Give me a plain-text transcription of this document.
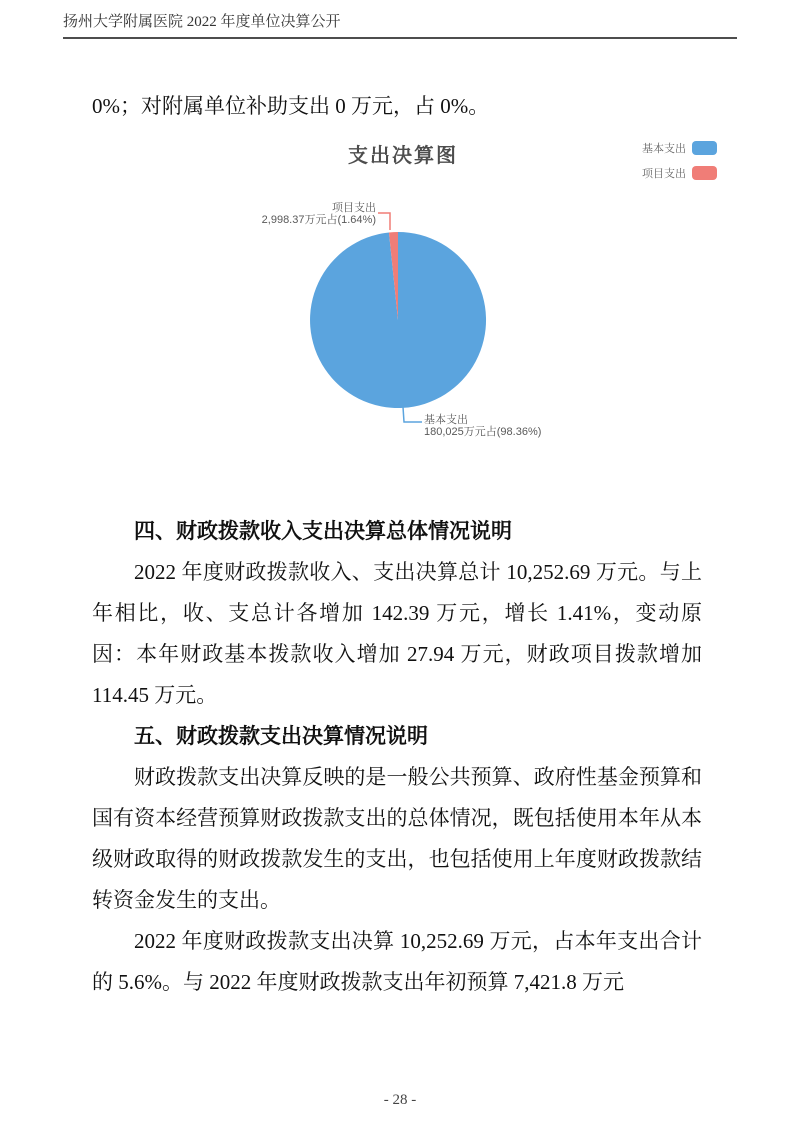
扬州大学附属医院 2022 年度单位决算公开
0%；对附属单位补助支出 0 万元，占 0%。
支出决算图	基本支出
项目支出
项目支出
2,998.37万元占(1.64%)
基本支出
180,025万元占(98.36%)
四、财政拨款收入支出决算总体情况说明

2022 年度财政拨款收入、支出决算总计 10,252.69 万元。与上年相比，收、支总计各增加 142.39 万元，增长 1.41%，变动原因：本年财政基本拨款收入增加 27.94 万元，财政项目拨款增加 114.45 万元。

五、财政拨款支出决算情况说明

财政拨款支出决算反映的是一般公共预算、政府性基金预算和国有资本经营预算财政拨款支出的总体情况，既包括使用本年从本级财政取得的财政拨款发生的支出，也包括使用上年度财政拨款结转资金发生的支出。

2022 年度财政拨款支出决算 10,252.69 万元，占本年支出合计的 5.6%。与 2022 年度财政拨款支出年初预算 7,421.8 万元

- 28 -
